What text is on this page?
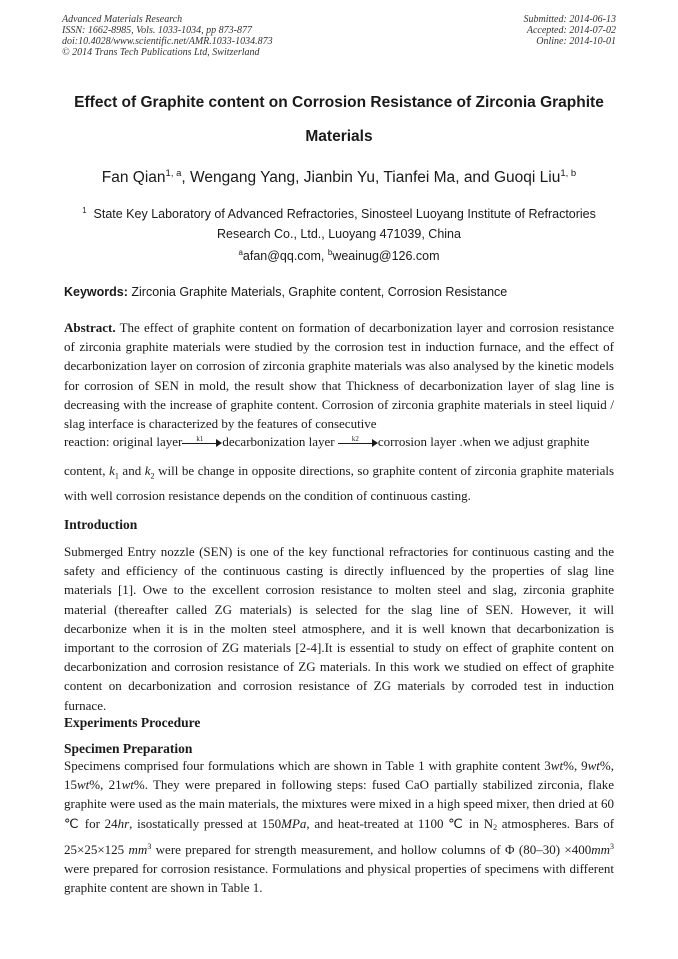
Advanced Materials Research
ISSN: 1662-8985, Vols. 1033-1034, pp 873-877
doi:10.4028/www.scientific.net/AMR.1033-1034.873
© 2014 Trans Tech Publications Ltd, Switzerland
Submitted: 2014-06-13
Accepted: 2014-07-02
Online: 2014-10-01
Effect of Graphite content on Corrosion Resistance of Zirconia Graphite Materials
Fan Qian$^{1, a}$, Wengang Yang, Jianbin Yu, Tianfei Ma, and Guoqi Liu$^{1, b}$
$^1$ State Key Laboratory of Advanced Refractories, Sinosteel Luoyang Institute of Refractories Research Co., Ltd., Luoyang 471039, China
$^a$afan@qq.com, $^b$weainug@126.com
Keywords: Zirconia Graphite Materials, Graphite content, Corrosion Resistance
Abstract. The effect of graphite content on formation of decarbonization layer and corrosion resistance of zirconia graphite materials were studied by the corrosion test in induction furnace, and the effect of decarbonization layer on corrosion of zirconia graphite materials was also analysed by the kinetic models for corrosion of SEN in mold, the result show that Thickness of decarbonization layer of slag line is decreasing with the increase of graphite content. Corrosion of zirconia graphite materials in steel liquid / slag interface is characterized by the features of consecutive
reaction: original layer k1 decarbonization layer k2 corrosion layer .when we adjust graphite
content, $k_1$ and $k_2$ will be change in opposite directions, so graphite content of zirconia graphite materials with well corrosion resistance depends on the condition of continuous casting.
Introduction
Submerged Entry nozzle (SEN) is one of the key functional refractories for continuous casting and the safety and efficiency of the continuous casting is directly influenced by the properties of slag line materials [1]. Owe to the excellent corrosion resistance to molten steel and slag, zirconia graphite material (thereafter called ZG materials) is selected for the slag line of SEN. However, it will decarbonize when it is in the molten steel atmosphere, and it is well known that decarbonization is important to the corrosion of ZG materials [2-4].It is essential to study on effect of graphite content on decarbonization and corrosion resistance of ZG materials. In this work we studied on effect of graphite content on decarbonization and corrosion resistance of ZG materials by corroded test in induction furnace.
Experiments Procedure
Specimen Preparation
Specimens comprised four formulations which are shown in Table 1 with graphite content 3wt%, 9wt%, 15wt%, 21wt%. They were prepared in following steps: fused CaO partially stabilized zirconia, flake graphite were used as the main materials, the mixtures were mixed in a high speed mixer, then dried at 60 ℃ for 24hr, isostatically pressed at 150MPa, and heat-treated at 1100 ℃ in $N_2$ atmospheres. Bars of 25×25×125 $mm^3$ were prepared for strength measurement, and hollow columns of Φ $(80-30) \times 400mm^3$ were prepared for corrosion resistance. Formulations and physical properties of specimens with different graphite content are shown in Table 1.
